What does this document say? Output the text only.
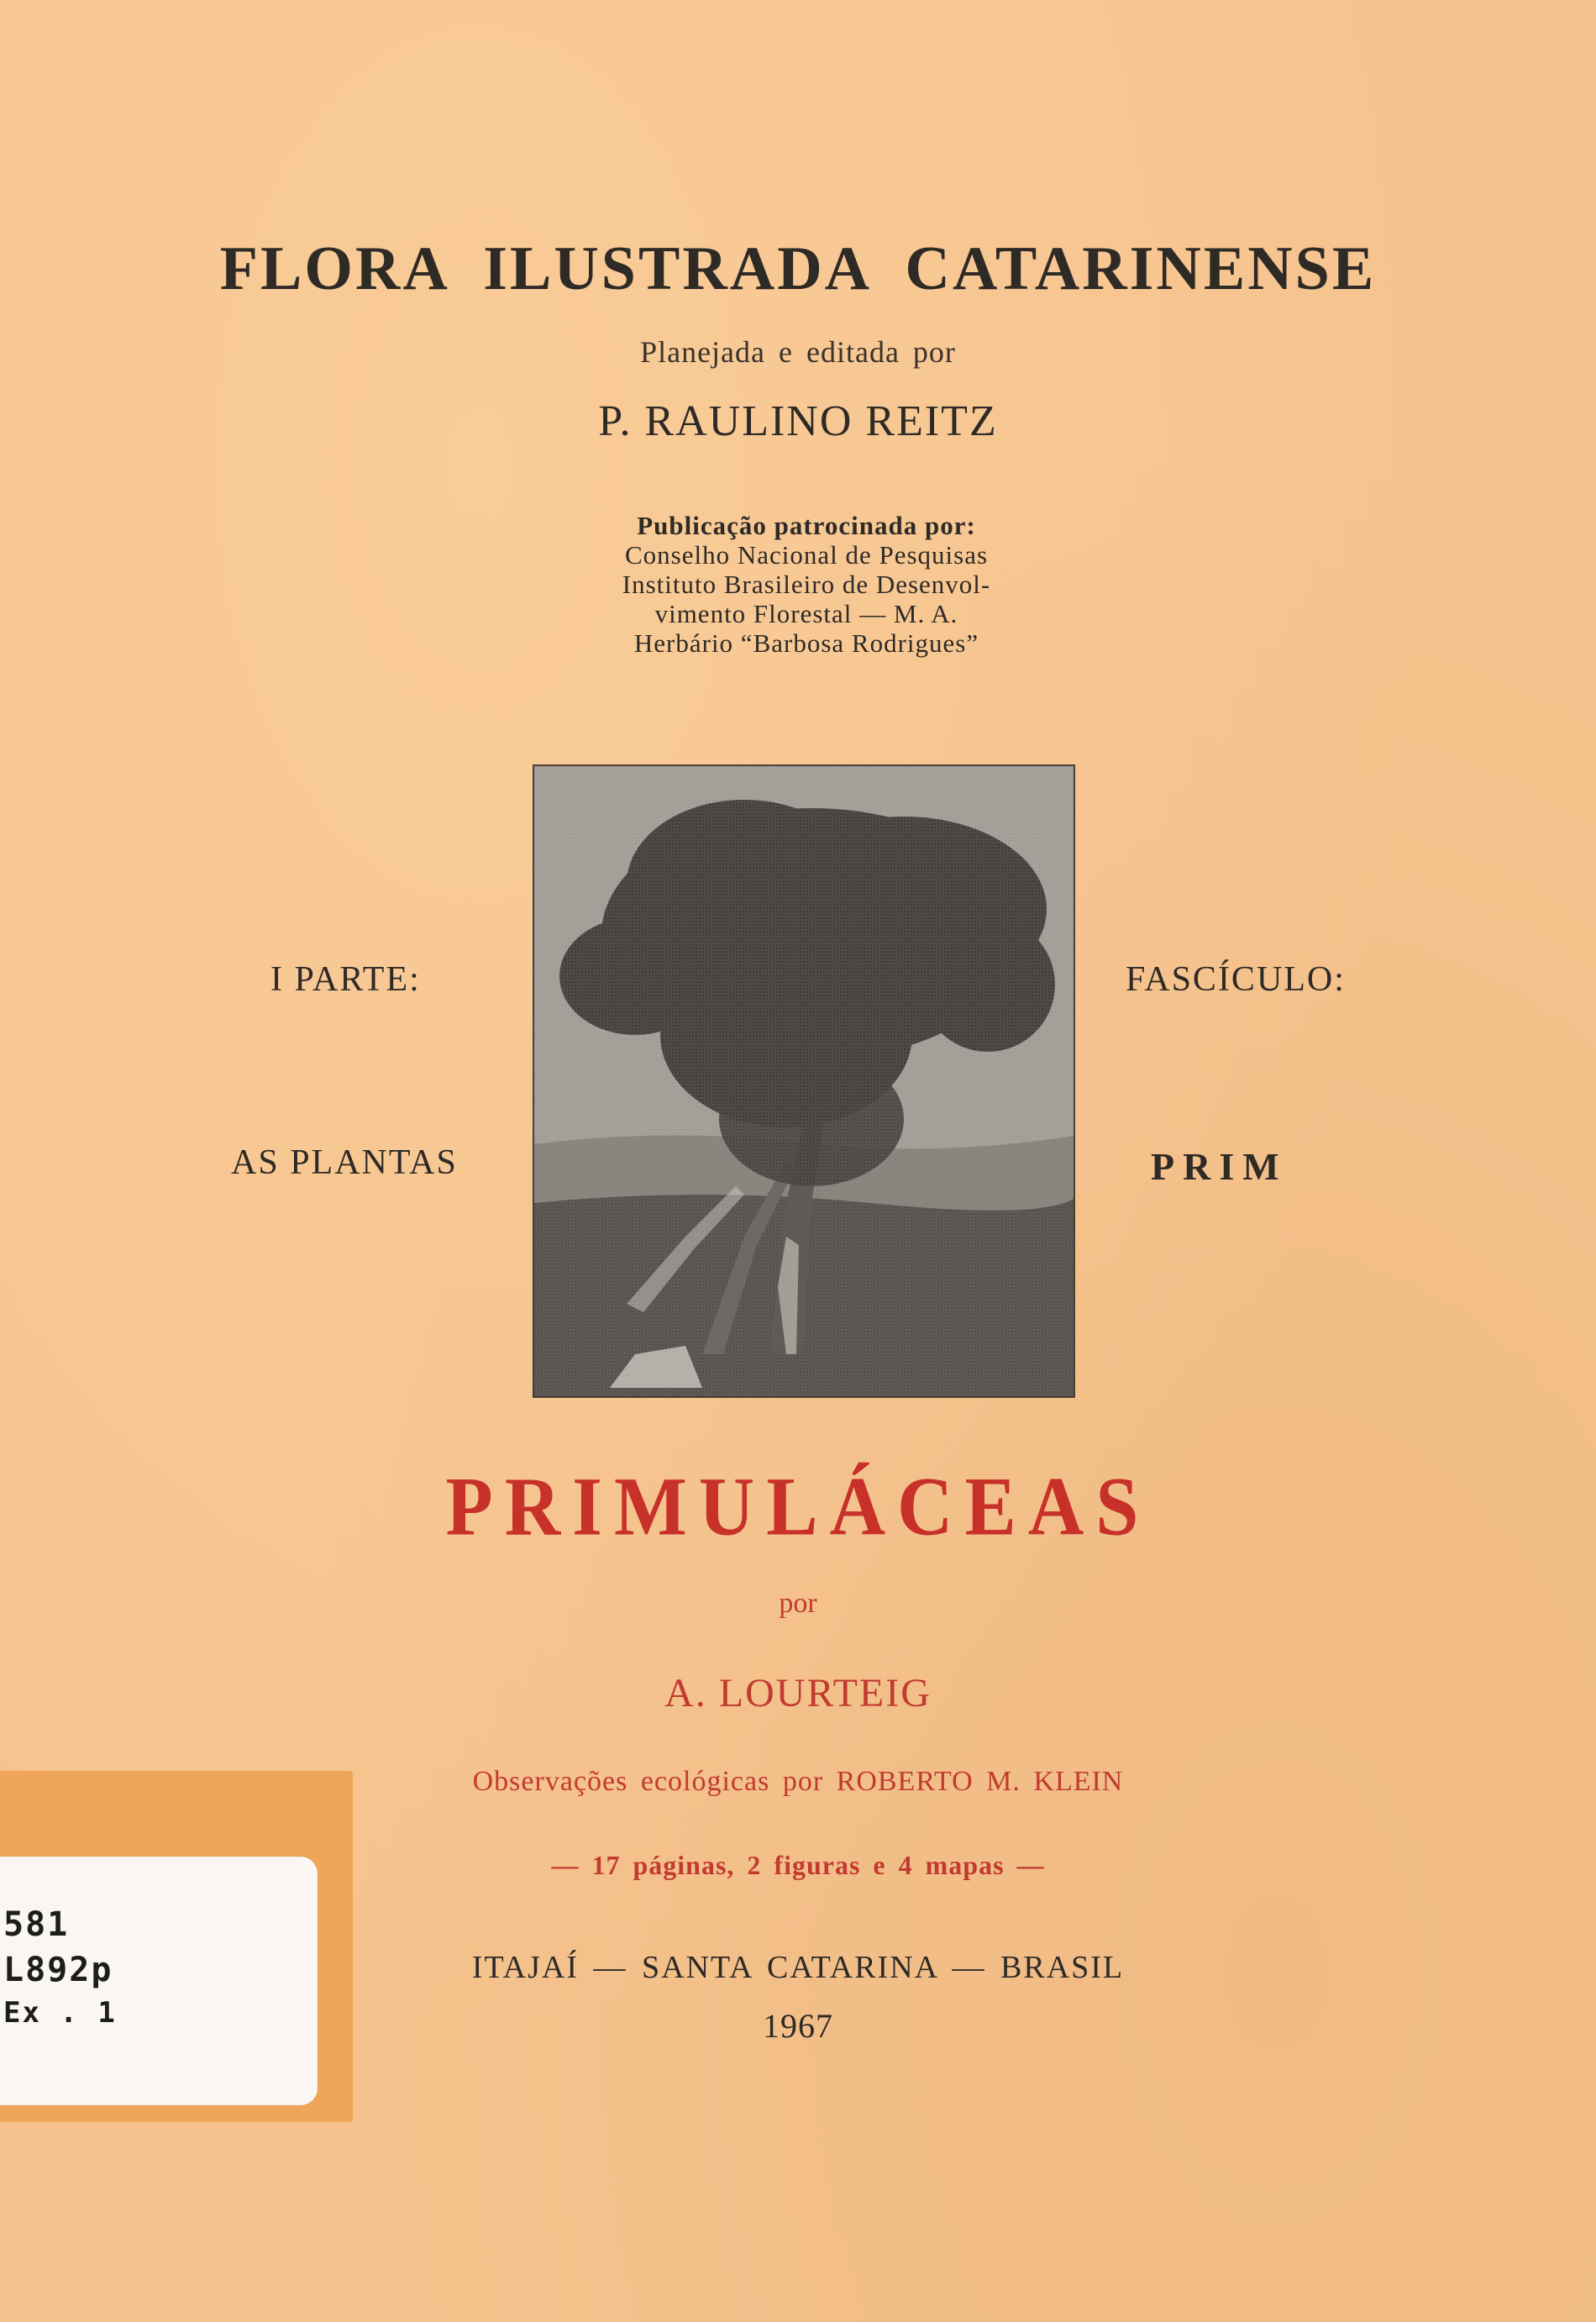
FLORA ILUSTRADA CATARINENSE
Planejada e editada por
P. RAULINO REITZ
Publicação patrocinada por:
Conselho Nacional de Pesquisas
Instituto Brasileiro de Desenvol-
vimento Florestal — M. A.
Herbário “Barbosa Rodrigues”
I PARTE:
AS PLANTAS
FASCÍCULO:
PRIM
PRIMULÁCEAS
por
A. LOURTEIG
Observações ecológicas por ROBERTO M. KLEIN
— 17 páginas, 2 figuras e 4 mapas —
ITAJAÍ — SANTA CATARINA — BRASIL
1967
581
L892p
Ex . 1
